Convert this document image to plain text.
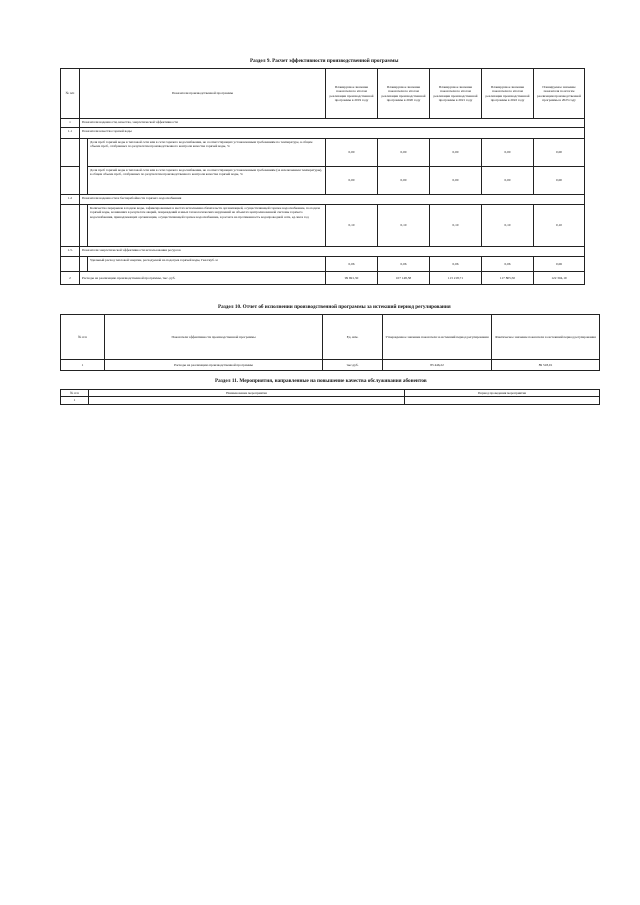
Раздел 9. Расчет эффективности производственной программы
№ п/п	Показатели производственной программы		Планируемое значение показателя по итогам реализации производственной программы в 2019 году	Планируемое значение показателя по итогам реализации производственной программы в 2020 году	Планируемое значение показателя по итогам реализации производственной программы в 2021 году	Планируемое значение показателя по итогам реализации производственной программы в 2022 году	Планируемое значение показателя по итогам реализации производственной программы в 2023 году
1	Показатели надежности, качества, энергетической эффективности						
1.1	Показатели качества горячей воды						
		Доля проб горячей воды в тепловой сети или в сети горячего водоснабжения, не соответствующих установленным требованиям по температуре, в общем объеме проб, отобранных по результатам производственного контроля качества горячей воды, %	0,00	0,00	0,00	0,00	0,00
		Доля проб горячей воды в тепловой сети или в сети горячего водоснабжения, не соответствующих установленным требованиям (за исключением температуры), в общем объеме проб, отобранных по результатам производственного контроля качества горячей воды, %	0,00	0,00	0,00	0,00	0,00
1.2	Показатели надежности и бесперебойности горячего водоснабжения						
		Количество перерывов в подаче воды, зафиксированных в местах исполнения обязательств организацией, осуществляющей горячее водоснабжение, по подаче горячей воды, возникших в результате аварий, повреждений и иных технологических нарушений на объектах централизованной системы горячего водоснабжения, принадлежащих организации, осуществляющей горячее водоснабжение, в расчете на протяженность водопроводной сети, ед./км в год	0,10	0,10	0,10	0,10	0,10
1.3.	Показатели энергетической эффективности использования ресурсов						
		Удельный расход тепловой энергии, расходуемой на подогрев горячей воды, Гкал/куб. м	0,06	0,06	0,06	0,06	0,06
2	Расходы на реализацию производственной программы, тыс. руб.		99 691,30	107 148,58	113 218,71	117 805,50	122 304,19
Раздел 10. Отчет об исполнении производственной программы за истекший период регулирования
№ п/п	Показатели эффективности производственной программы	Ед. изм.	Утвержденное значение показателя за истекший период регулирования	Фактическое значение показателя за истекший период регулирования
1	Расходы на реализацию производственной программы	тыс.руб.	83 446,22	89 518,01
Раздел 11. Мероприятия, направленные на повышение качества обслуживания абонентов
№ п/п	Наименование мероприятия	Период проведения мероприятия
1		
